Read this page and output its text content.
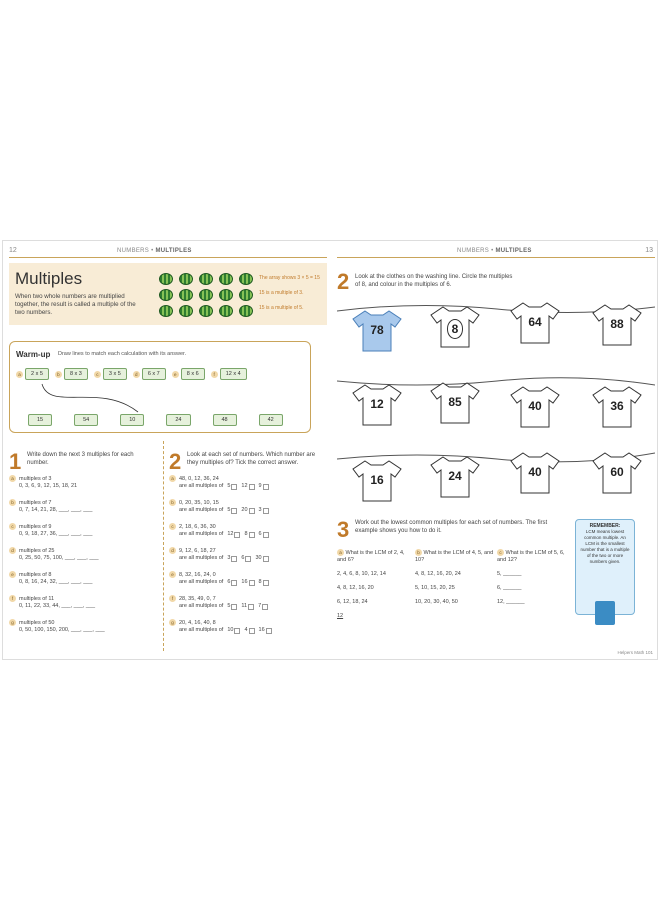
12	NUMBERS • MULTIPLES
Multiples
When two whole numbers are multiplied together, the result is called a multiple of the two numbers.
The array shows 3 × 5 = 15
15 is a multiple of 3.
15 is a multiple of 5.
Warm-up Draw lines to match each calculation with its answer.
a	2 x 5	b	8 x 3	c	3 x 5	d	6 x 7	e	8 x 6	f	12 x 4
15	54	10	24	48	42
1 Write down the next 3 multiples for each number.
a multiples of 3
0, 3, 6, 9, 12, 15, 18, 21
b multiples of 7
0, 7, 14, 21, 28, ___, ___, ___
c multiples of 9
0, 9, 18, 27, 36, ___, ___, ___
d multiples of 25
0, 25, 50, 75, 100, ___, ___, ___
e multiples of 8
0, 8, 16, 24, 32, ___, ___, ___
f multiples of 11
0, 11, 22, 33, 44, ___, ___, ___
g multiples of 50
0, 50, 100, 150, 200, ___, ___, ___
2 Look at each set of numbers. Which number are they multiples of? Tick the correct answer.
a 48, 0, 12, 36, 24
are all multiples of 5 12 9
b 0, 20, 35, 10, 15
are all multiples of 5 20 3
c 2, 18, 6, 36, 30
are all multiples of 12 8 6
d 9, 12, 6, 18, 27
are all multiples of 3 6 30
e 8, 32, 16, 24, 0
are all multiples of 6 16 8
f 28, 35, 49, 0, 7
are all multiples of 5 11 7
g 20, 4, 16, 40, 8
are all multiples of 10 4 16
NUMBERS • MULTIPLES	13
2 Look at the clothes on the washing line. Circle the multiples of 8, and colour in the multiples of 6.
78	8	64	88
12	85	40	36
16	24	40	60
3 Work out the lowest common multiples for each set of numbers. The first example shows you how to do it.
a What is the LCM of 2, 4, and 6?

2, 4, 6, 8, 10, 12, 14

4, 8, 12, 16, 20

6, 12, 18, 24

12
b What is the LCM of 4, 5, and 10?

4, 8, 12, 16, 20, 24

5, 10, 15, 20, 25

10, 20, 30, 40, 50
c What is the LCM of 5, 6, and 12?

5, ______

6, ______

12, ______
REMEMBER:
LCM means lowest common multiple. An LCM is the smallest number that is a multiple of the two or more numbers given.
Helpers Math 101
